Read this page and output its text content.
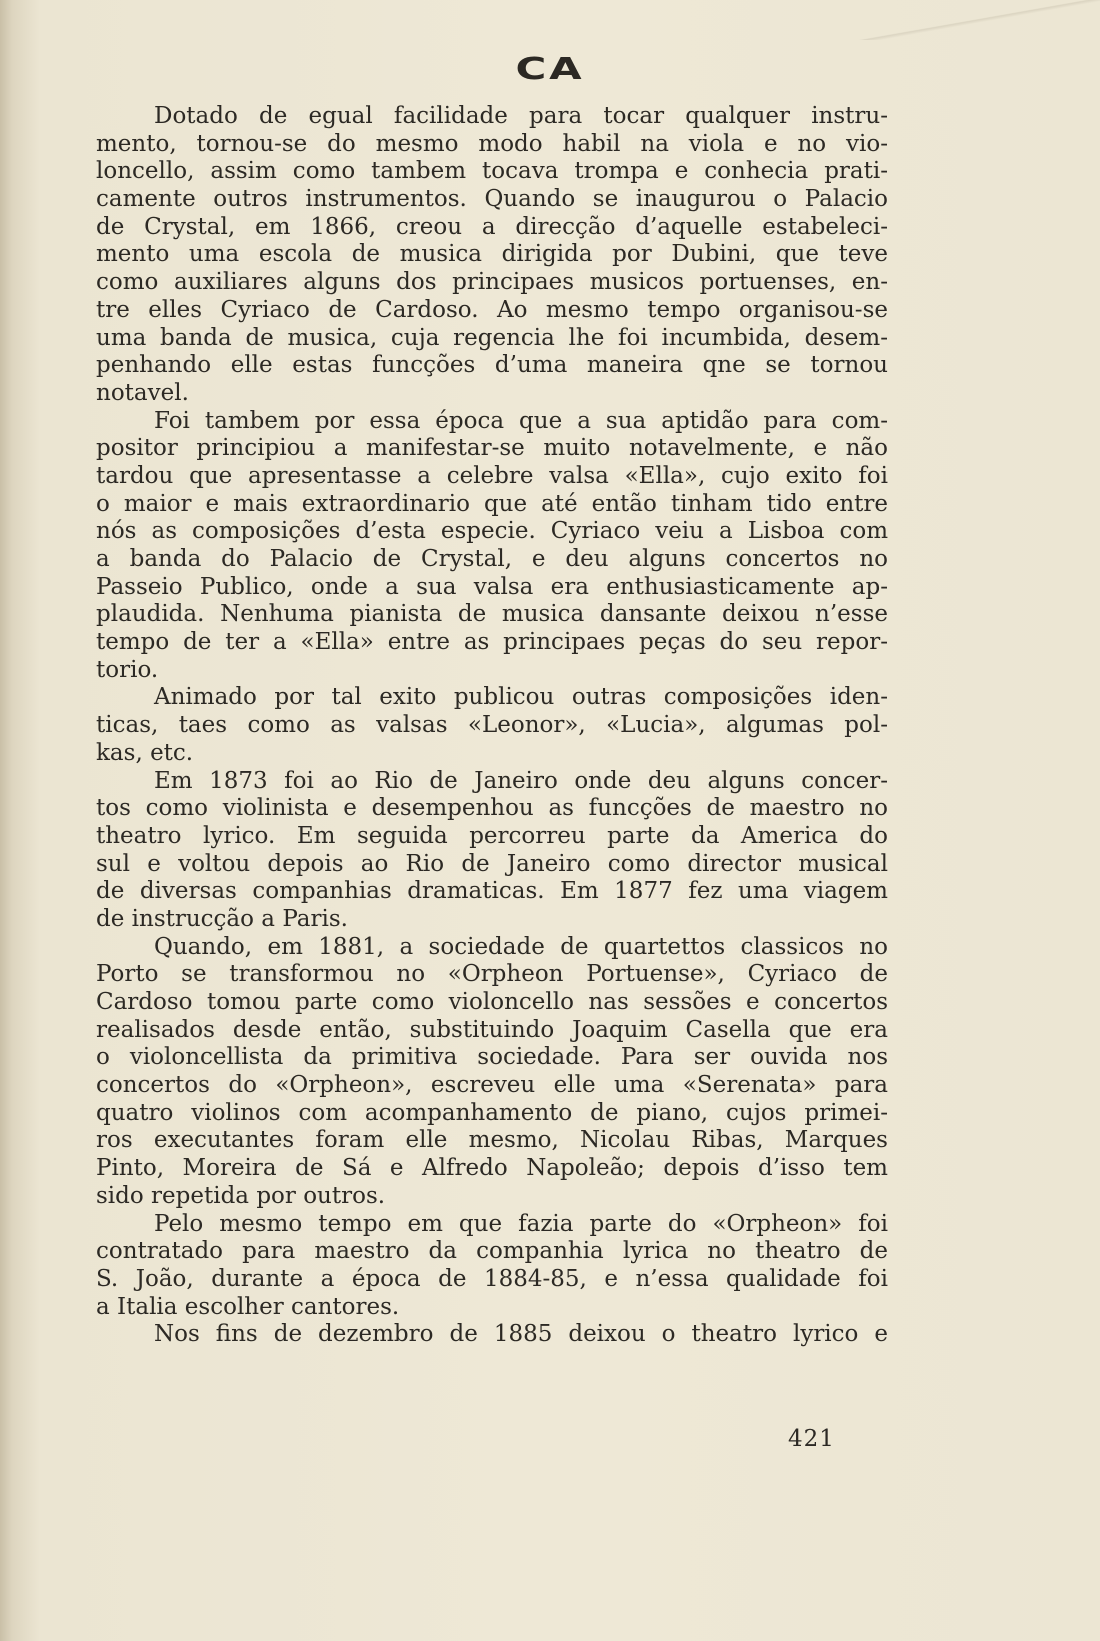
CA
Dotado de egual facilidade para tocar qualquer instru-
mento, tornou-se do mesmo modo habil na viola e no vio-
loncello, assim como tambem tocava trompa e conhecia prati-
camente outros instrumentos. Quando se inaugurou o Palacio
de Crystal, em 1866, creou a direcção d’aquelle estabeleci-
mento uma escola de musica dirigida por Dubini, que teve
como auxiliares alguns dos principaes musicos portuenses, en-
tre elles Cyriaco de Cardoso. Ao mesmo tempo organisou-se
uma banda de musica, cuja regencia lhe foi incumbida, desem-
penhando elle estas funcções d’uma maneira qne se tornou
notavel.
Foi tambem por essa época que a sua aptidão para com-
positor principiou a manifestar-se muito notavelmente, e não
tardou que apresentasse a celebre valsa «Ella», cujo exito foi
o maior e mais extraordinario que até então tinham tido entre
nós as composições d’esta especie. Cyriaco veiu a Lisboa com
a banda do Palacio de Crystal, e deu alguns concertos no
Passeio Publico, onde a sua valsa era enthusiasticamente ap-
plaudida. Nenhuma pianista de musica dansante deixou n’esse
tempo de ter a «Ella» entre as principaes peças do seu repor-
torio.
Animado por tal exito publicou outras composições iden-
ticas, taes como as valsas «Leonor», «Lucia», algumas pol-
kas, etc.
Em 1873 foi ao Rio de Janeiro onde deu alguns concer-
tos como violinista e desempenhou as funcções de maestro no
theatro lyrico. Em seguida percorreu parte da America do
sul e voltou depois ao Rio de Janeiro como director musical
de diversas companhias dramaticas. Em 1877 fez uma viagem
de instrucção a Paris.
Quando, em 1881, a sociedade de quartettos classicos no
Porto se transformou no «Orpheon Portuense», Cyriaco de
Cardoso tomou parte como violoncello nas sessões e concertos
realisados desde então, substituindo Joaquim Casella que era
o violoncellista da primitiva sociedade. Para ser ouvida nos
concertos do «Orpheon», escreveu elle uma «Serenata» para
quatro violinos com acompanhamento de piano, cujos primei-
ros executantes foram elle mesmo, Nicolau Ribas, Marques
Pinto, Moreira de Sá e Alfredo Napoleão; depois d’isso tem
sido repetida por outros.
Pelo mesmo tempo em que fazia parte do «Orpheon» foi
contratado para maestro da companhia lyrica no theatro de
S. João, durante a época de 1884-85, e n’essa qualidade foi
a Italia escolher cantores.
Nos fins de dezembro de 1885 deixou o theatro lyrico e
421
